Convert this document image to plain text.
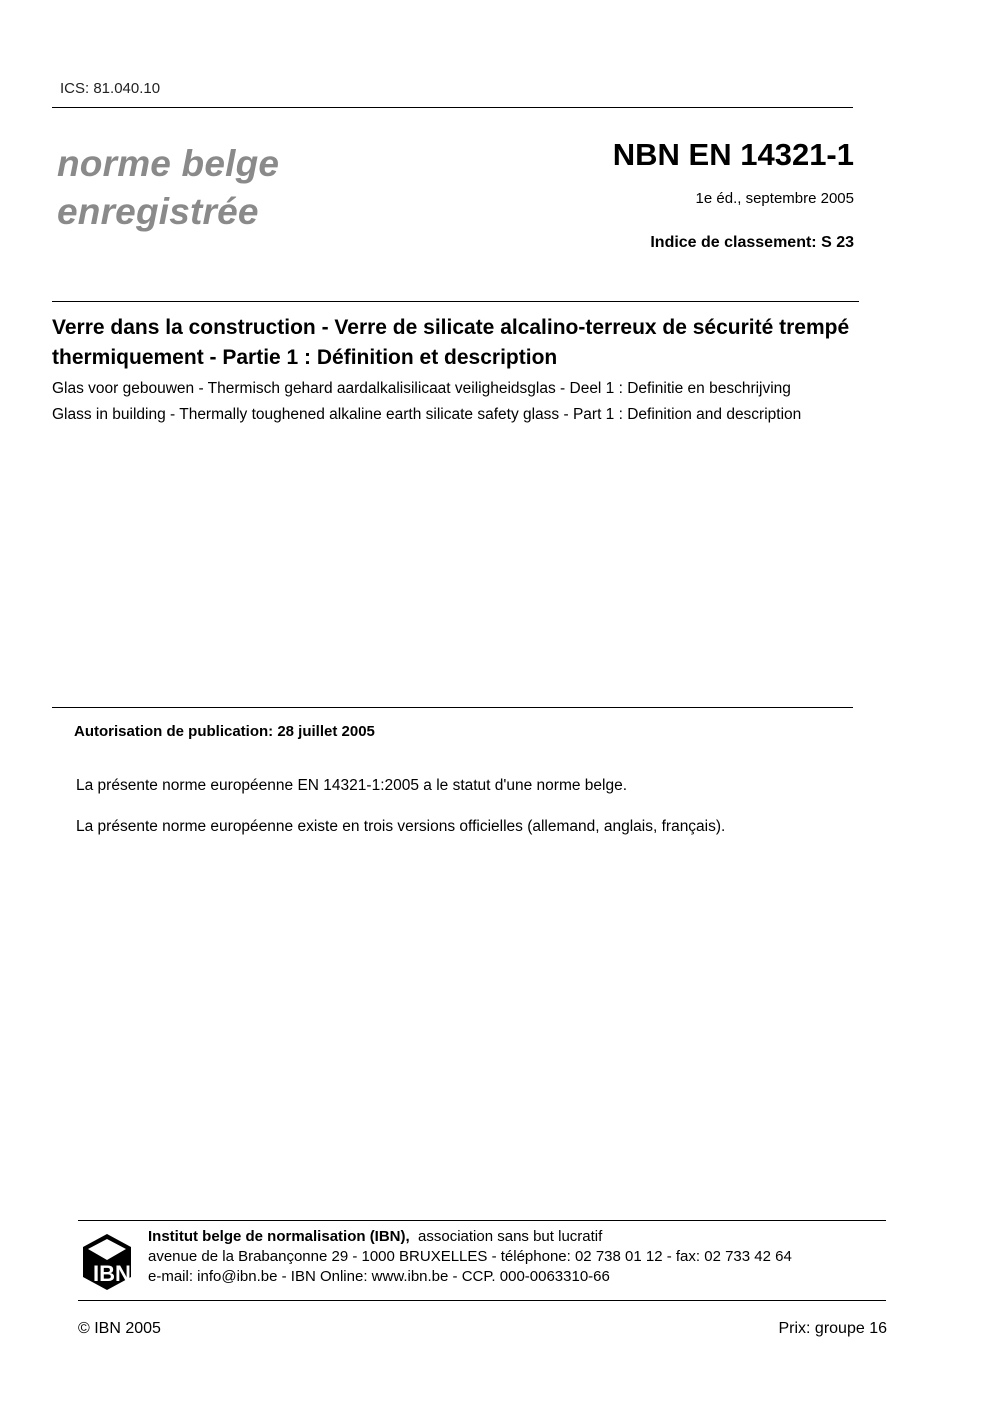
ICS: 81.040.10
norme belge
enregistrée
NBN EN 14321-1
1e éd., septembre 2005
Indice de classement: S 23
Verre dans la construction - Verre de silicate alcalino-terreux de sécurité trempé thermiquement - Partie 1 : Définition et description
Glas voor gebouwen - Thermisch gehard aardalkalisilicaat veiligheidsglas - Deel 1 : Definitie en beschrijving
Glass in building - Thermally toughened alkaline earth silicate safety glass - Part 1 : Definition and description
Autorisation de publication: 28 juillet 2005
La présente norme européenne EN 14321-1:2005 a le statut d'une norme belge.
La présente norme européenne existe en trois versions officielles (allemand, anglais, français).
IBN
Institut belge de normalisation (IBN), association sans but lucratif
avenue de la Brabançonne 29 - 1000 BRUXELLES - téléphone: 02 738 01 12 - fax: 02 733 42 64
e-mail: info@ibn.be - IBN Online: www.ibn.be - CCP. 000-0063310-66
© IBN 2005	Prix: groupe 16
